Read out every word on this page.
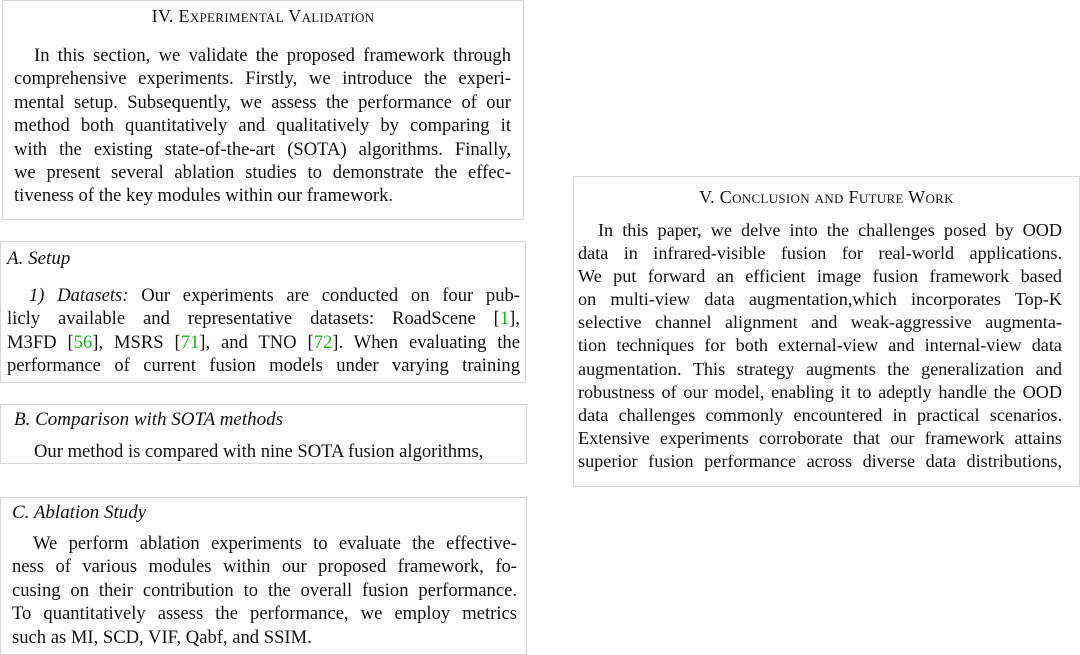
IV. Experimental Validation
In this section, we validate the proposed framework through
comprehensive experiments. Firstly, we introduce the experi-
mental setup. Subsequently, we assess the performance of our
method both quantitatively and qualitatively by comparing it
with the existing state-of-the-art (SOTA) algorithms. Finally,
we present several ablation studies to demonstrate the effec-
tiveness of the key modules within our framework.
A. Setup
1) Datasets: Our experiments are conducted on four pub-
licly available and representative datasets: RoadScene [1],
M3FD [56], MSRS [71], and TNO [72]. When evaluating the
performance of current fusion models under varying training
B. Comparison with SOTA methods
Our method is compared with nine SOTA fusion algorithms,
C. Ablation Study
We perform ablation experiments to evaluate the effective-
ness of various modules within our proposed framework, fo-
cusing on their contribution to the overall fusion performance.
To quantitatively assess the performance, we employ metrics
such as MI, SCD, VIF, Qabf, and SSIM.
V. Conclusion and Future Work
In this paper, we delve into the challenges posed by OOD
data in infrared-visible fusion for real-world applications.
We put forward an efficient image fusion framework based
on multi-view data augmentation,which incorporates Top-K
selective channel alignment and weak-aggressive augmenta-
tion techniques for both external-view and internal-view data
augmentation. This strategy augments the generalization and
robustness of our model, enabling it to adeptly handle the OOD
data challenges commonly encountered in practical scenarios.
Extensive experiments corroborate that our framework attains
superior fusion performance across diverse data distributions,
